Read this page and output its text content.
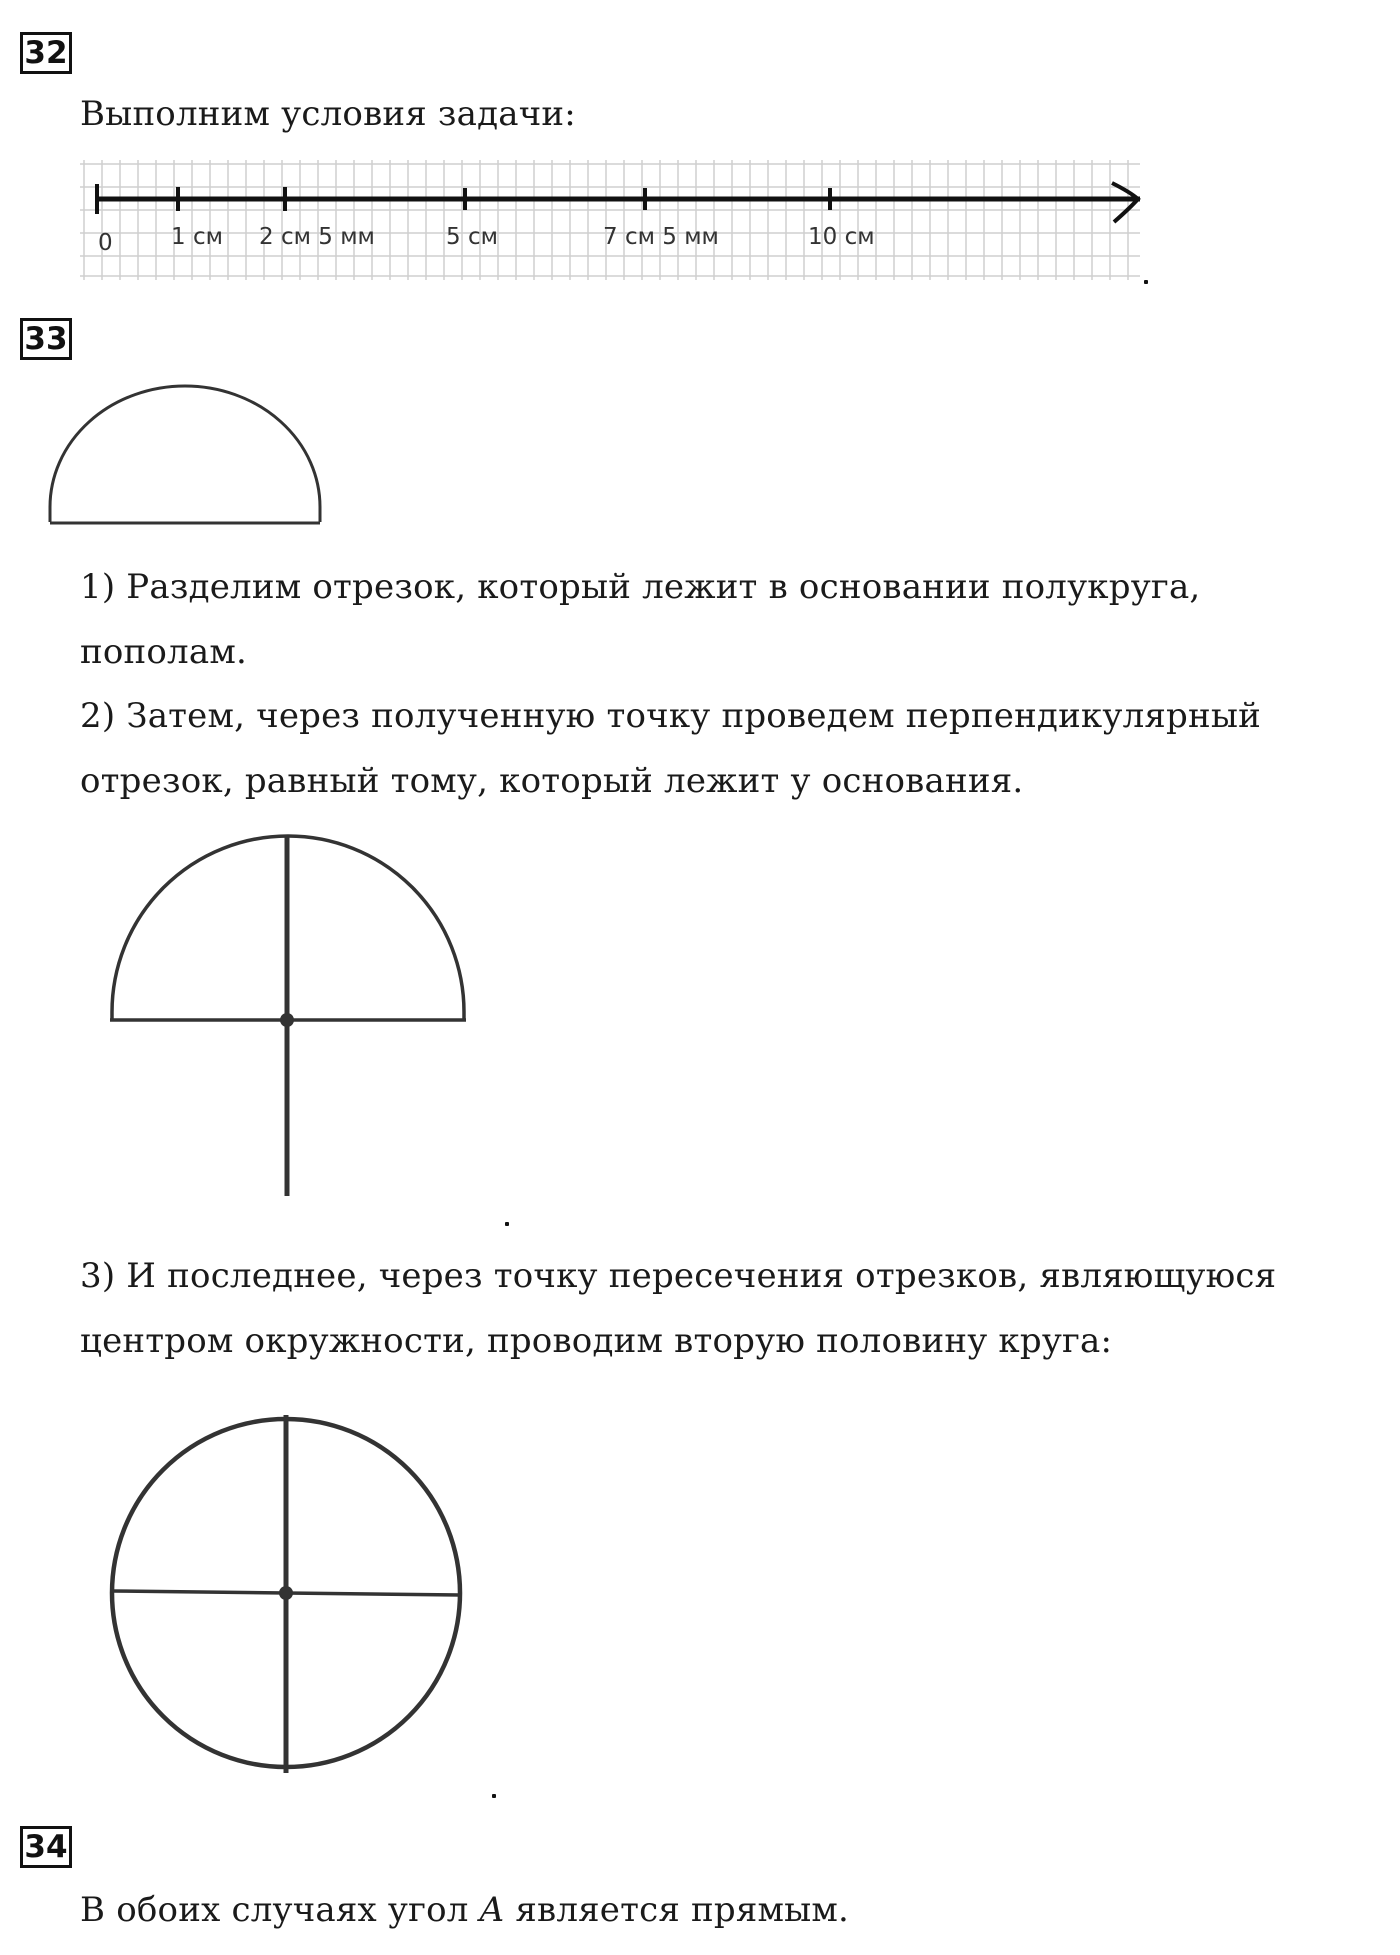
32
Выполним условия задачи:
0	1 см 2 см 5 мм	5 см	7 см 5 мм	10 см
33
1) Разделим отрезок, который лежит в основании полукруга,
пополам.
2) Затем, через полученную точку проведем перпендикулярный
отрезок, равный тому, который лежит у основания.
3) И последнее, через точку пересечения отрезков, являющуюся
центром окружности, проводим вторую половину круга:
34
В обоих случаях угол A является прямым.
